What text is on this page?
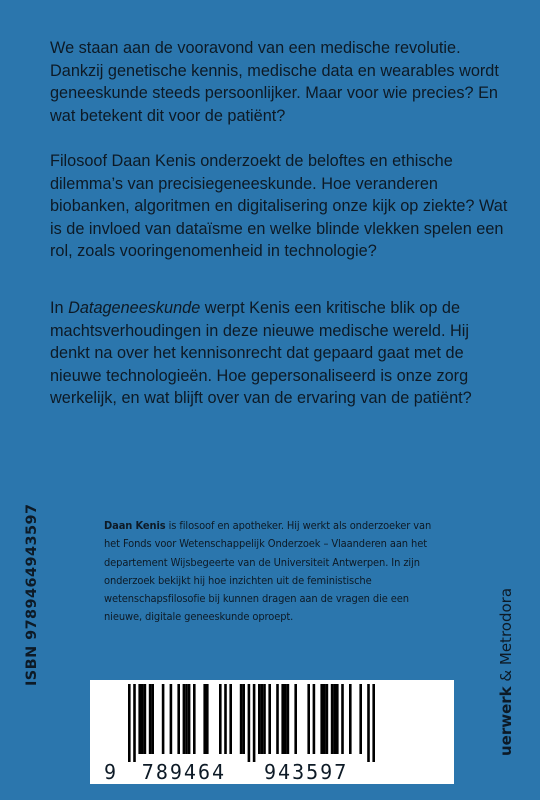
We staan aan de vooravond van een medische revolutie. Dankzij genetische kennis, medische data en wearables wordt geneeskunde steeds persoonlijker. Maar voor wie precies? En wat betekent dit voor de patiënt?

Filosoof Daan Kenis onderzoekt de beloftes en ethische dilemma’s van precisiegeneeskunde. Hoe veranderen biobanken, algoritmen en digitalisering onze kijk op ziekte? Wat is de invloed van dataïsme en welke blinde vlekken spelen een rol, zoals vooringenomenheid in technologie?

In Datageneeskunde werpt Kenis een kritische blik op de machtsverhoudingen in deze nieuwe medische wereld. Hij denkt na over het kennisonrecht dat gepaard gaat met de nieuwe technologieën. Hoe gepersonaliseerd is onze zorg werkelijk, en wat blijft over van de ervaring van de patiënt?

Daan Kenis is filosoof en apotheker. Hij werkt als onderzoeker van het Fonds voor Wetenschappelijk Onderzoek – Vlaanderen aan het departement Wijsbegeerte van de Universiteit Antwerpen. In zijn onderzoek bekijkt hij hoe inzichten uit de feministische wetenschapsfilosofie bij kunnen dragen aan de vragen die een nieuwe, digitale geneeskunde oproept.

ISBN 9789464943597
9 789464 943597
uerwerk & Metrodora
